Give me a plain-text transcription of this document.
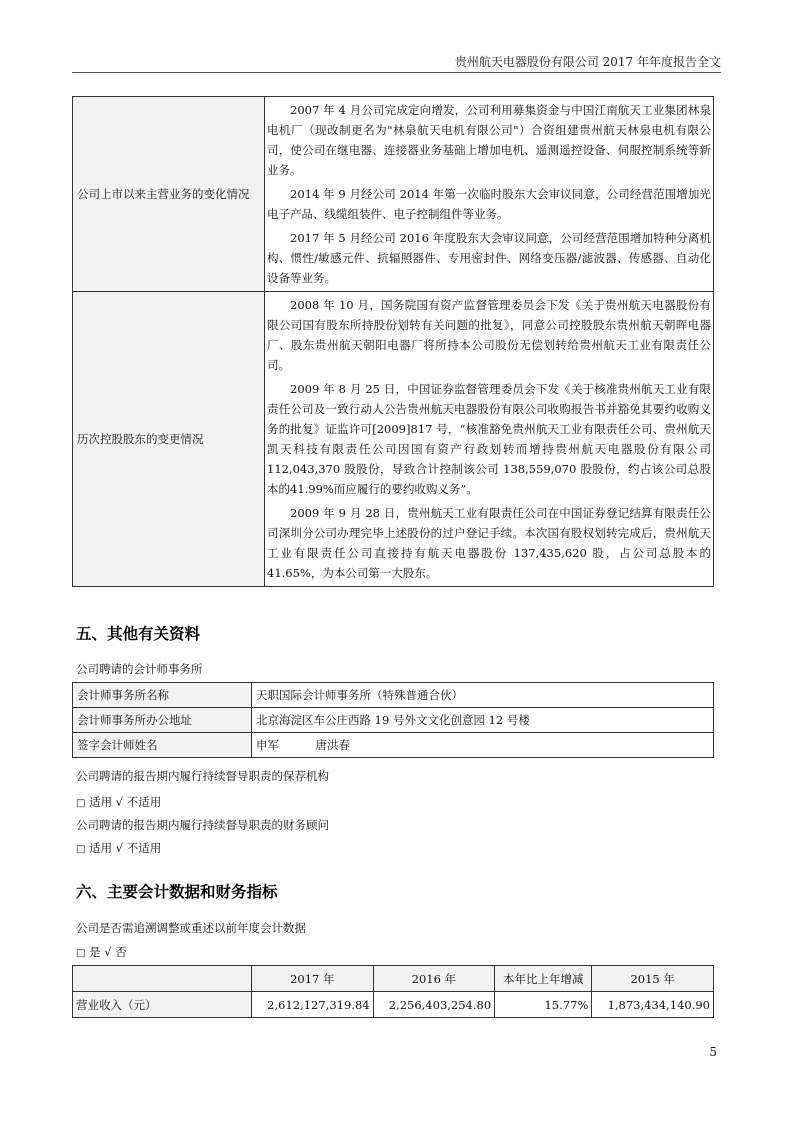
贵州航天电器股份有限公司 2017 年年度报告全文
公司上市以来主营业务的变化情况	2007 年 4 月公司完成定向增发，公司利用募集资金与中国江南航天工业集团林泉电机厂（现改制更名为"林泉航天电机有限公司"）合资组建贵州航天林泉电机有限公司，使公司在继电器、连接器业务基础上增加电机、遥测遥控设备、伺服控制系统等新业务。

2014 年 9 月经公司 2014 年第一次临时股东大会审议同意，公司经营范围增加光电子产品、线缆组装件、电子控制组件等业务。

2017 年 5 月经公司 2016 年度股东大会审议同意，公司经营范围增加特种分离机构、惯性/敏感元件、抗辐照器件、专用密封件、网络变压器/滤波器、传感器、自动化设备等业务。

历次控股股东的变更情况	2008 年 10 月，国务院国有资产监督管理委员会下发《关于贵州航天电器股份有限公司国有股东所持股份划转有关问题的批复》，同意公司控股股东贵州航天朝晖电器厂、股东贵州航天朝阳电器厂将所持本公司股份无偿划转给贵州航天工业有限责任公司。

2009 年 8 月 25 日，中国证券监督管理委员会下发《关于核准贵州航天工业有限责任公司及一致行动人公告贵州航天电器股份有限公司收购报告书并豁免其要约收购义务的批复》证监许可[2009]817 号，“核准豁免贵州航天工业有限责任公司、贵州航天凯天科技有限责任公司因国有资产行政划转而增持贵州航天电器股份有限公司112,043,370 股股份，导致合计控制该公司 138,559,070 股股份，约占该公司总股本的41.99%而应履行的要约收购义务”。

2009 年 9 月 28 日，贵州航天工业有限责任公司在中国证券登记结算有限责任公司深圳分公司办理完毕上述股份的过户登记手续。本次国有股权划转完成后，贵州航天工业有限责任公司直接持有航天电器股份 137,435,620 股，占公司总股本的 41.65%，为本公司第一大股东。

五、其他有关资料
公司聘请的会计师事务所
会计师事务所名称	天职国际会计师事务所（特殊普通合伙）
会计师事务所办公地址	北京海淀区车公庄西路 19 号外文文化创意园 12 号楼
签字会计师姓名	申军          唐洪春
公司聘请的报告期内履行持续督导职责的保荐机构
□ 适用 √ 不适用
公司聘请的报告期内履行持续督导职责的财务顾问
□ 适用 √ 不适用
六、主要会计数据和财务指标
公司是否需追溯调整或重述以前年度会计数据
□ 是 √ 否
	2017 年	2016 年	本年比上年增减	2015 年
营业收入（元）	2,612,127,319.84	2,256,403,254.80	15.77%	1,873,434,140.90
5
